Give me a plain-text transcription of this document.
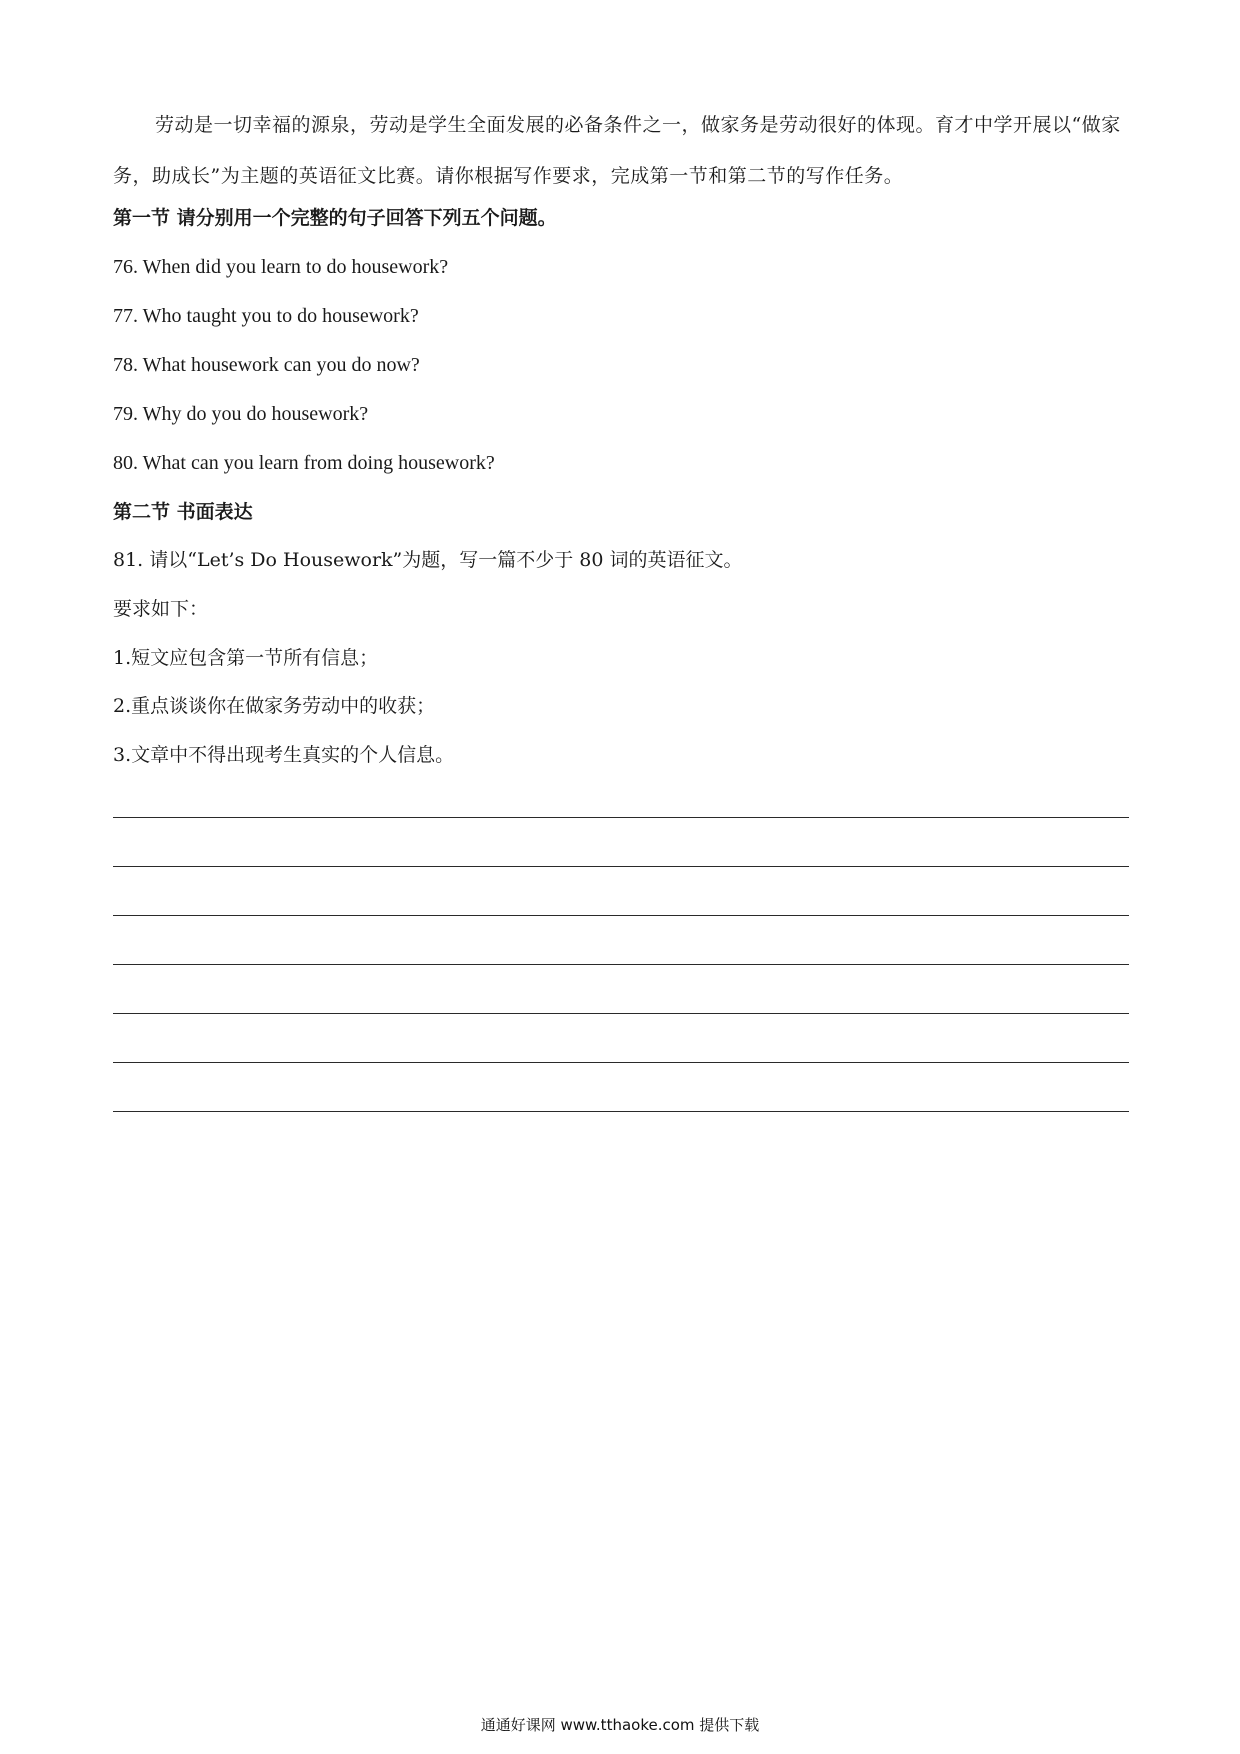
劳动是一切幸福的源泉，劳动是学生全面发展的必备条件之一，做家务是劳动很好的体现。育才中学开展以“做家务，助成长”为主题的英语征文比赛。请你根据写作要求，完成第一节和第二节的写作任务。

第一节 请分别用一个完整的句子回答下列五个问题。

76. When did you learn to do housework?

77. Who taught you to do housework?

78. What housework can you do now?

79. Why do you do housework?

80. What can you learn from doing housework?

第二节 书面表达

81. 请以“Let’s Do Housework”为题，写一篇不少于 80 词的英语征文。

要求如下：

1.短文应包含第一节所有信息；

2.重点谈谈你在做家务劳动中的收获；

3.文章中不得出现考生真实的个人信息。

通通好课网 www.tthaoke.com 提供下载
